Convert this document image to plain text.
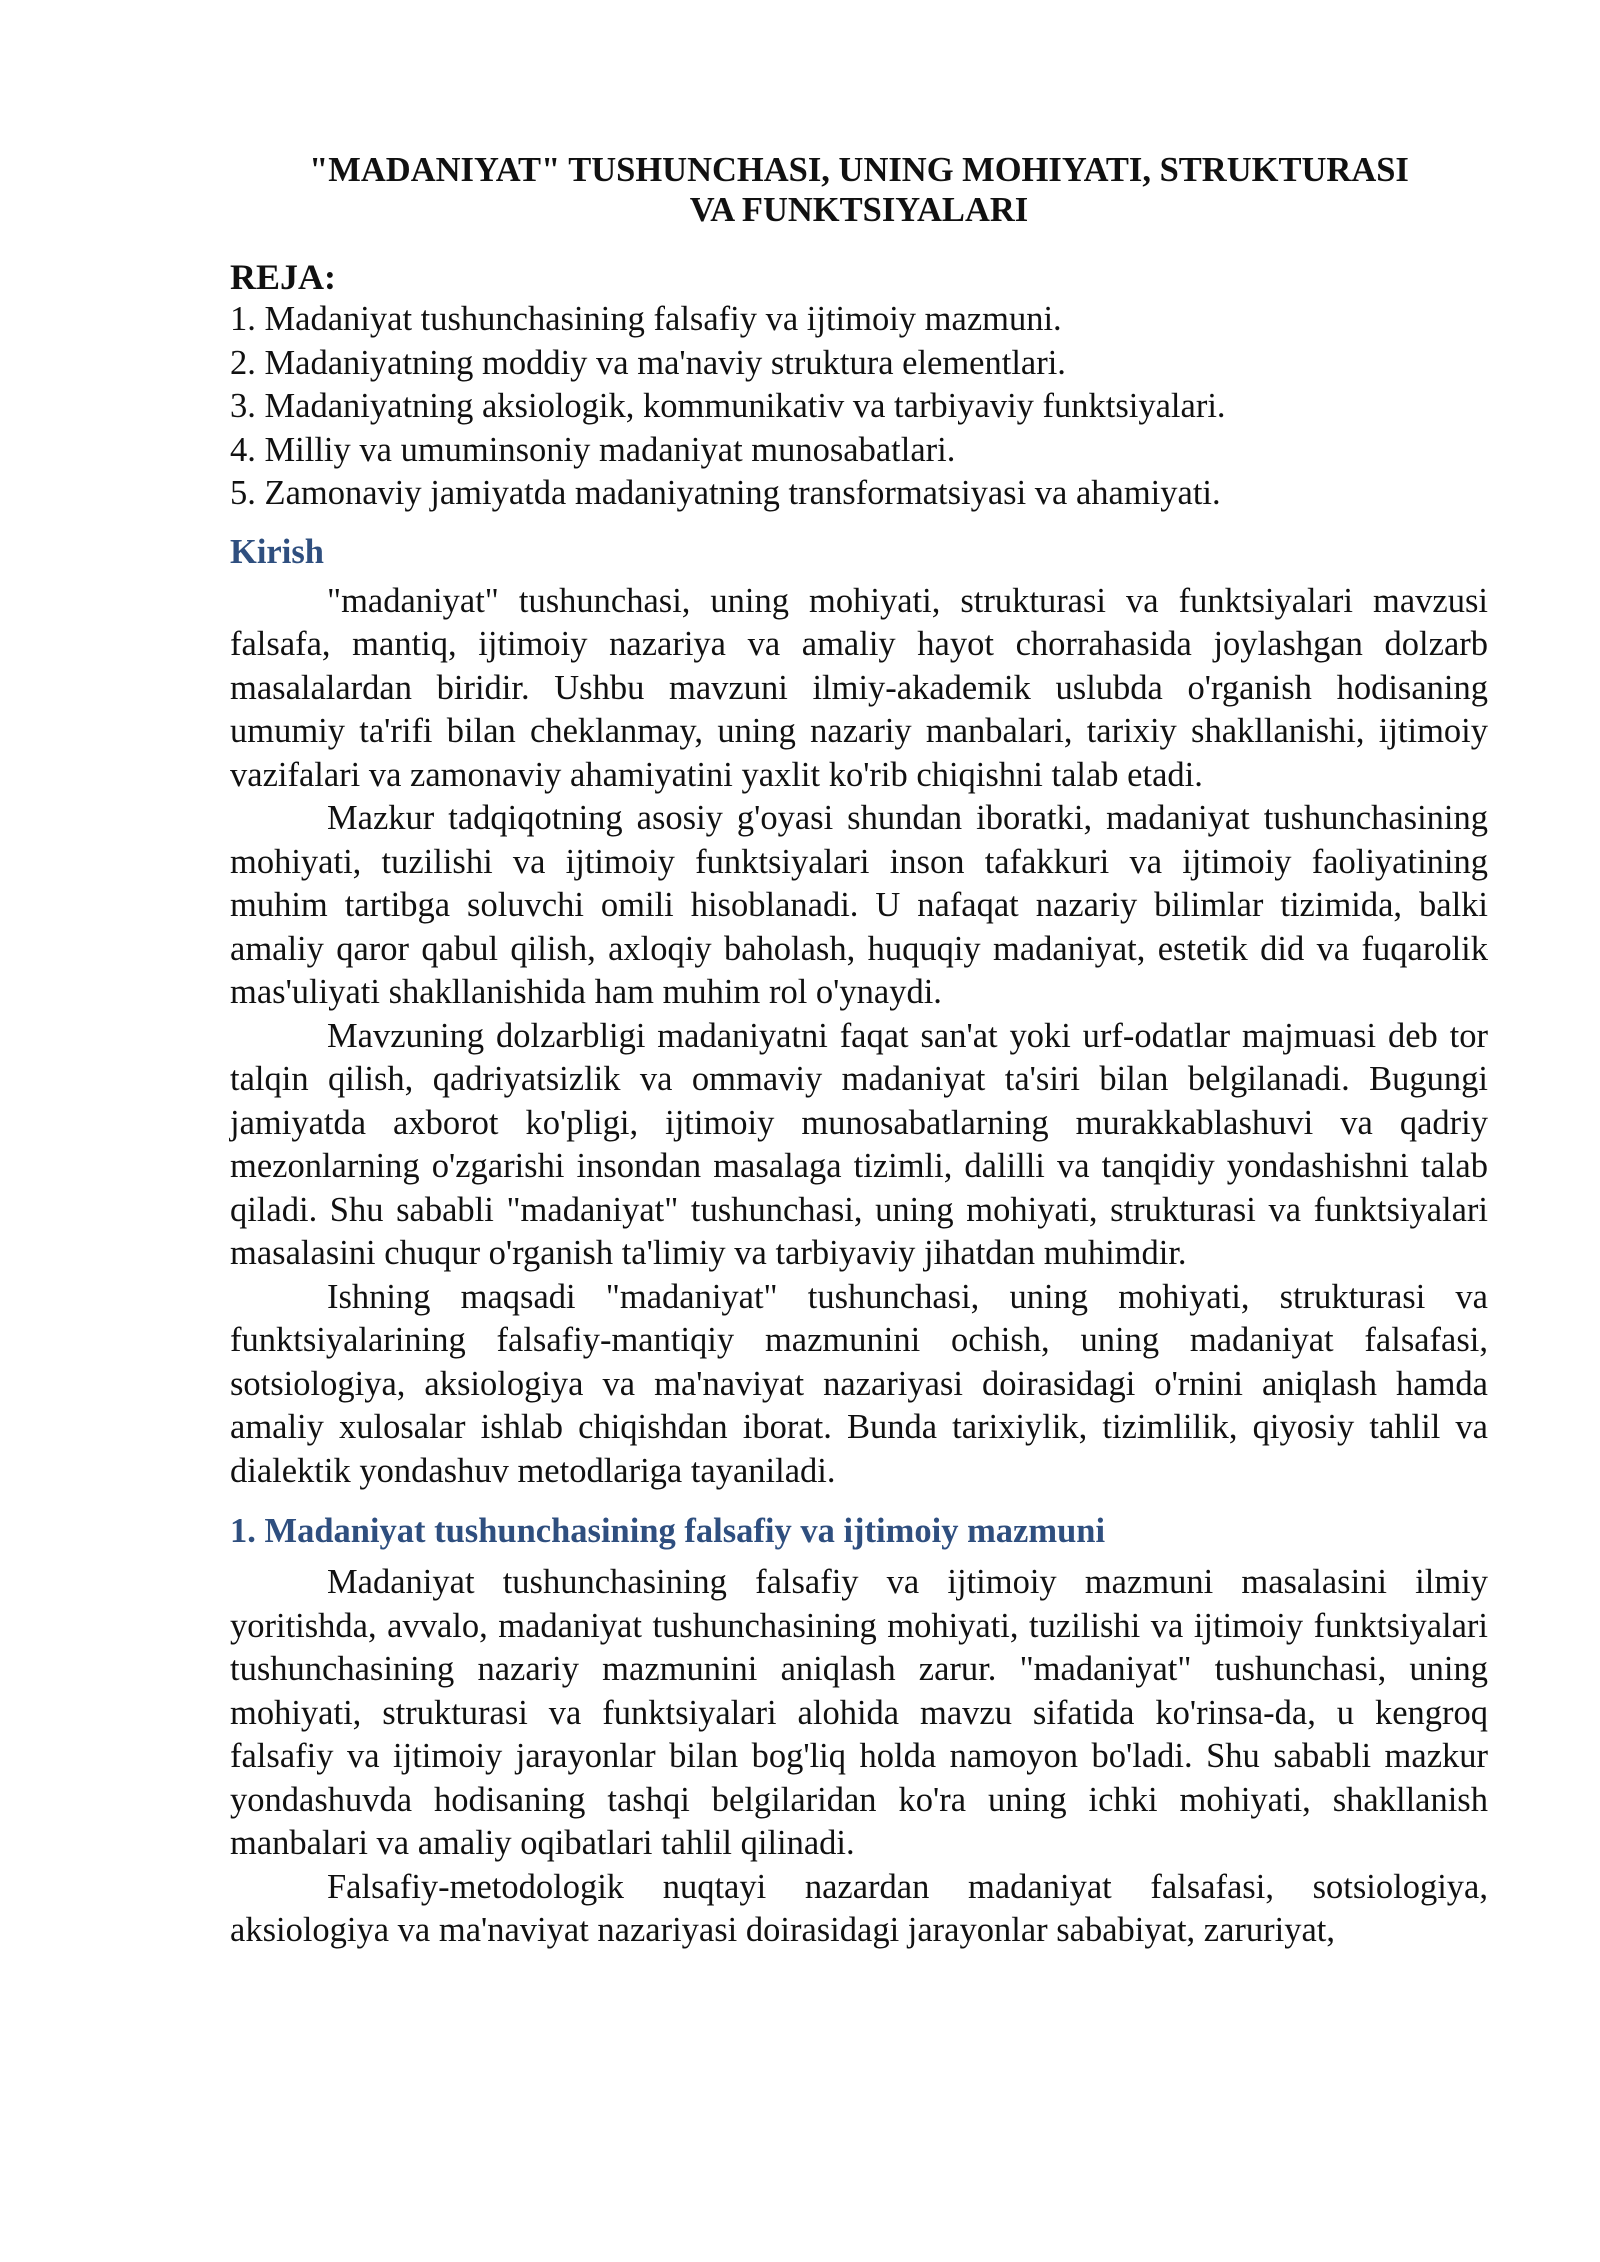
"MADANIYAT" TUSHUNCHASI, UNING MOHIYATI, STRUKTURASI
VA FUNKTSIYALARI
REJA:
1. Madaniyat tushunchasining falsafiy va ijtimoiy mazmuni.
2. Madaniyatning moddiy va ma'naviy struktura elementlari.
3. Madaniyatning aksiologik, kommunikativ va tarbiyaviy funktsiyalari.
4. Milliy va umuminsoniy madaniyat munosabatlari.
5. Zamonaviy jamiyatda madaniyatning transformatsiyasi va ahamiyati.
Kirish

"madaniyat" tushunchasi, uning mohiyati, strukturasi va funktsiyalari mavzusi falsafa, mantiq, ijtimoiy nazariya va amaliy hayot chorrahasida joylashgan dolzarb masalalardan biridir. Ushbu mavzuni ilmiy-akademik uslubda o'rganish hodisaning umumiy ta'rifi bilan cheklanmay, uning nazariy manbalari, tarixiy shakllanishi, ijtimoiy vazifalari va zamonaviy ahamiyatini yaxlit ko'rib chiqishni talab etadi.

Mazkur tadqiqotning asosiy g'oyasi shundan iboratki, madaniyat tushunchasining mohiyati, tuzilishi va ijtimoiy funktsiyalari inson tafakkuri va ijtimoiy faoliyatining muhim tartibga soluvchi omili hisoblanadi. U nafaqat nazariy bilimlar tizimida, balki amaliy qaror qabul qilish, axloqiy baholash, huquqiy madaniyat, estetik did va fuqarolik mas'uliyati shakllanishida ham muhim rol o'ynaydi.

Mavzuning dolzarbligi madaniyatni faqat san'at yoki urf-odatlar majmuasi deb tor talqin qilish, qadriyatsizlik va ommaviy madaniyat ta'siri bilan belgilanadi. Bugungi jamiyatda axborot ko'pligi, ijtimoiy munosabatlarning murakkablashuvi va qadriy mezonlarning o'zgarishi insondan masalaga tizimli, dalilli va tanqidiy yondashishni talab qiladi. Shu sababli "madaniyat" tushunchasi, uning mohiyati, strukturasi va funktsiyalari masalasini chuqur o'rganish ta'limiy va tarbiyaviy jihatdan muhimdir.

Ishning maqsadi "madaniyat" tushunchasi, uning mohiyati, strukturasi va funktsiyalarining falsafiy-mantiqiy mazmunini ochish, uning madaniyat falsafasi, sotsiologiya, aksiologiya va ma'naviyat nazariyasi doirasidagi o'rnini aniqlash hamda amaliy xulosalar ishlab chiqishdan iborat. Bunda tarixiylik, tizimlilik, qiyosiy tahlil va dialektik yondashuv metodlariga tayaniladi.

1. Madaniyat tushunchasining falsafiy va ijtimoiy mazmuni

Madaniyat tushunchasining falsafiy va ijtimoiy mazmuni masalasini ilmiy yoritishda, avvalo, madaniyat tushunchasining mohiyati, tuzilishi va ijtimoiy funktsiyalari tushunchasining nazariy mazmunini aniqlash zarur. "madaniyat" tushunchasi, uning mohiyati, strukturasi va funktsiyalari alohida mavzu sifatida ko'rinsa-da, u kengroq falsafiy va ijtimoiy jarayonlar bilan bog'liq holda namoyon bo'ladi. Shu sababli mazkur yondashuvda hodisaning tashqi belgilaridan ko'ra uning ichki mohiyati, shakllanish manbalari va amaliy oqibatlari tahlil qilinadi.

Falsafiy-metodologik nuqtayi nazardan madaniyat falsafasi, sotsiologiya, aksiologiya va ma'naviyat nazariyasi doirasidagi jarayonlar sababiyat, zaruriyat,
